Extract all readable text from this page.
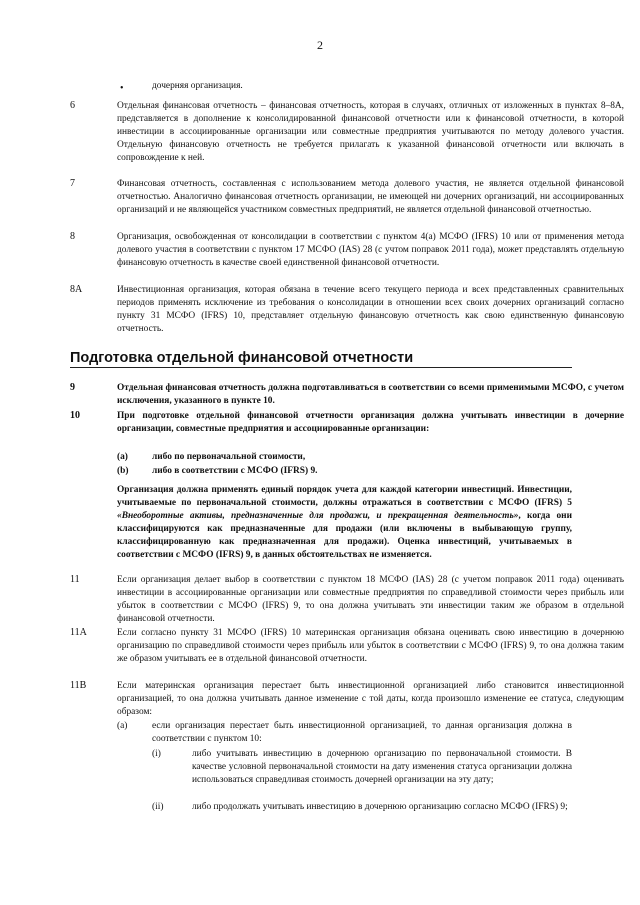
2
•	дочерняя организация.
6	Отдельная финансовая отчетность – финансовая отчетность, которая в случаях, отличных от изложенных в пунктах 8–8А, представляется в дополнение к консолидированной финансовой отчетности или к финансовой отчетности, в которой инвестиции в ассоциированные организации или совместные предприятия учитываются по методу долевого участия. Отдельную финансовую отчетность не требуется прилагать к указанной финансовой отчетности или включать в сопровождение к ней.
7	Финансовая отчетность, составленная с использованием метода долевого участия, не является отдельной финансовой отчетностью. Аналогично финансовая отчетность организации, не имеющей ни дочерних организаций, ни ассоциированных организаций и не являющейся участником совместных предприятий, не является отдельной финансовой отчетностью.
8	Организация, освобожденная от консолидации в соответствии с пунктом 4(a) МСФО (IFRS) 10 или от применения метода долевого участия в соответствии с пунктом 17 МСФО (IAS) 28 (с учтом поправок 2011 года), может представлять отдельную финансовую отчетность в качестве своей единственной финансовой отчетности.
8A	Инвестиционная организация, которая обязана в течение всего текущего периода и всех представленных сравнительных периодов применять исключение из требования о консолидации в отношении всех своих дочерних организаций согласно пункту 31 МСФО (IFRS) 10, представляет отдельную финансовую отчетность как свою единственную финансовую отчетность.
Подготовка отдельной финансовой отчетности
9	Отдельная финансовая отчетность должна подготавливаться в соответствии со всеми применимыми МСФО, с учетом исключения, указанного в пункте 10.
10	При подготовке отдельной финансовой отчетности организация должна учитывать инвестиции в дочерние организации, совместные предприятия и ассоциированные организации:
(a)	либо по первоначальной стоимости,
(b)	либо в соответствии с МСФО (IFRS) 9.
Организация должна применять единый порядок учета для каждой категории инвестиций. Инвестиции, учитываемые по первоначальной стоимости, должны отражаться в соответствии с МСФО (IFRS) 5 «Внеоборотные активы, предназначенные для продажи, и прекращенная деятельность», когда они классифицируются как предназначенные для продажи (или включены в выбывающую группу, классифицированную как предназначенная для продажи). Оценка инвестиций, учитываемых в соответствии с МСФО (IFRS) 9, в данных обстоятельствах не изменяется.
11	Если организация делает выбор в соответствии с пунктом 18 МСФО (IAS) 28 (с учетом поправок 2011 года) оценивать инвестиции в ассоциированные организации или совместные предприятия по справедливой стоимости через прибыль или убыток в соответствии с МСФО (IFRS) 9, то она должна учитывать эти инвестиции таким же образом в отдельной финансовой отчетности.
11A	Если согласно пункту 31 МСФО (IFRS) 10 материнская организация обязана оценивать свою инвестицию в дочернюю организацию по справедливой стоимости через прибыль или убыток в соответствии с МСФО (IFRS) 9, то она должна таким же образом учитывать ее в отдельной финансовой отчетности.
11B	Если материнская организация перестает быть инвестиционной организацией либо становится инвестиционной организацией, то она должна учитывать данное изменение с той даты, когда произошло изменение ее статуса, следующим образом:
(a)	если организация перестает быть инвестиционной организацией, то данная организация должна в соответствии с пунктом 10:
(i)	либо учитывать инвестицию в дочернюю организацию по первоначальной стоимости. В качестве условной первоначальной стоимости на дату изменения статуса организации должна использоваться справедливая стоимость дочерней организации на эту дату;
(ii)	либо продолжать учитывать инвестицию в дочернюю организацию согласно МСФО (IFRS) 9;
